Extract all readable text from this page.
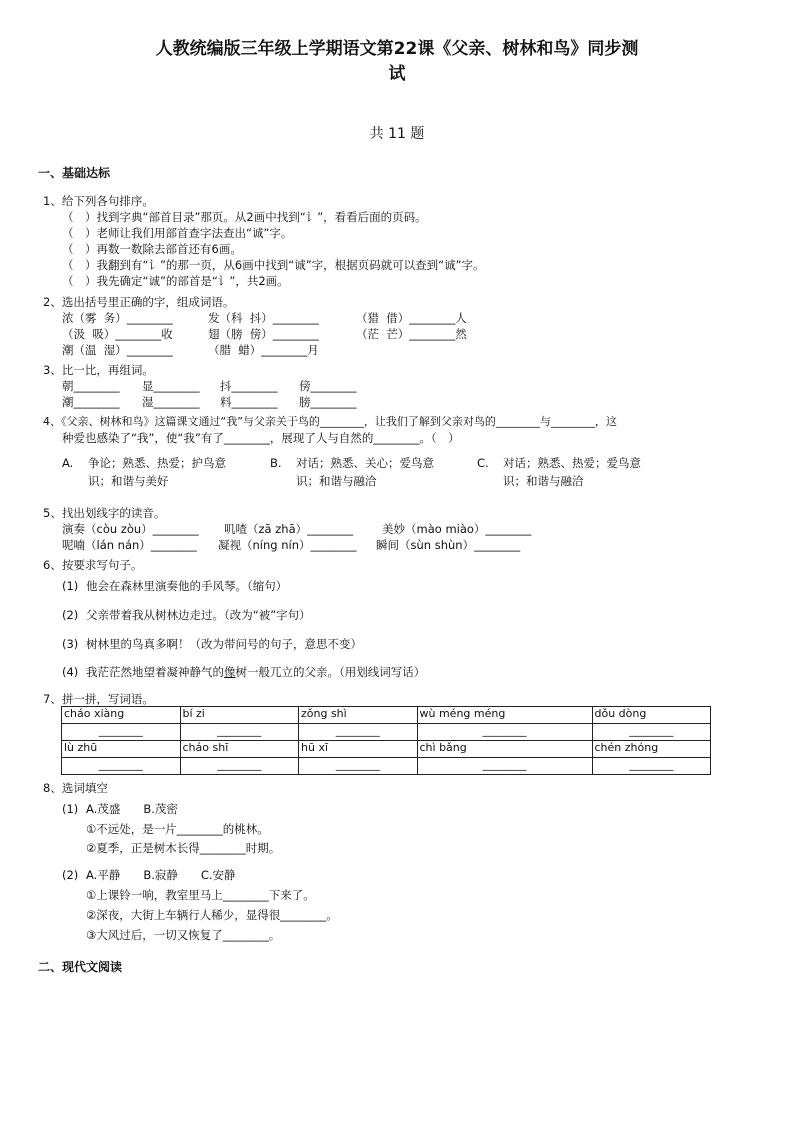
人教统编版三年级上学期语文第22课《父亲、树林和鸟》同步测
试
共 11 题
一、基础达标
1、给下列各句排序。
（　）找到字典“部首目录”那页。从2画中找到“讠”，看看后面的页码。
（　）老师让我们用部首查字法查出“诚”字。
（　）再数一数除去部首还有6画。
（　）我翻到有“讠”的那一页，从6画中找到“诚”字，根据页码就可以查到“诚”字。
（　）我先确定“诚”的部首是“讠”，共2画。
2、选出括号里正确的字，组成词语。
浓（雾  务）________	发（科  抖）________	（猎  借）________人
（汲  吸）________收	翅（膀  傍）________	（茫  芒）________然
潮（温  湿）________	（腊  蜡）________月
3、比一比，再组词。
朝________ 显________ 抖________ 傍________
潮________ 湿________ 料________ 膀________
4、《父亲、树林和鸟》这篇课文通过“我”与父亲关于鸟的________，让我们了解到父亲对鸟的________与________，这
种爱也感染了“我”，使“我”有了________，展现了人与自然的________。（　）
A. 争论；熟悉、热爱；护鸟意
识；和谐与美好
B. 对话；熟悉、关心；爱鸟意
识；和谐与融洽
C. 对话；熟悉、热爱；爱鸟意
识；和谐与融洽
5、找出划线字的读音。
演奏（còu zòu）________ 叽喳（zā zhā）________	美妙（mào miào）________
呢喃（lán nán）________ 凝视（níng nín）________ 瞬间（sùn shùn）________
6、按要求写句子。
(1) 他会在森林里演奏他的手风琴。（缩句）
(2) 父亲带着我从树林边走过。（改为“被”字句）
(3) 树林里的鸟真多啊！（改为带问号的句子，意思不变）
(4) 我茫茫然地望着凝神静气的像树一般兀立的父亲。（用划线词写话）
7、拼一拼，写词语。
cháo xiàng	bí zi	zǒng shì	wù méng méng	dǒu dòng
________	________	________	________	________
lù zhū	cháo shī	hū xī	chì bǎng	chén zhóng
________	________	________	________	________
8、选词填空
(1) A.茂盛　　B.茂密
①不远处，是一片________的桃林。
②夏季，正是树木长得________时期。
(2) A.平静　　B.寂静　　C.安静
①上课铃一响，教室里马上________下来了。
②深夜，大街上车辆行人稀少，显得很________。
③大风过后，一切又恢复了________。
二、现代文阅读
